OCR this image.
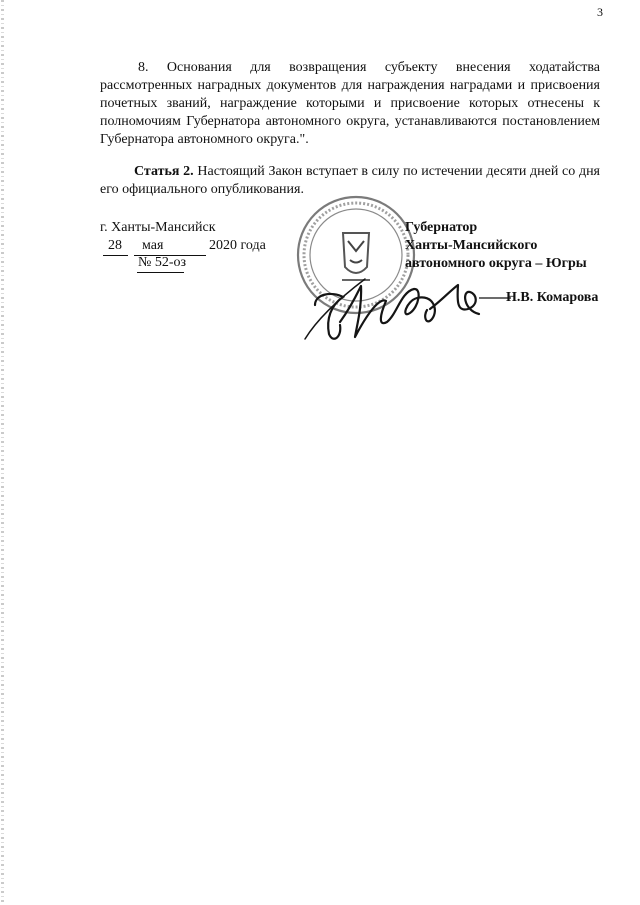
3

8. Основания для возвращения субъекту внесения ходатайства рассмотренных наградных документов для награждения наградами и присвоения почетных званий, награждение которыми и присвоение которых отнесены к полномочиям Губернатора автономного округа, устанавливаются постановлением Губернатора автономного округа.".

Статья 2. Настоящий Закон вступает в силу по истечении десяти дней со дня его официального опубликования.

г. Ханты-Мансийск
28 мая	2020 года
№ 52-оз
Губернатор
Ханты-Мансийского
автономного округа – Югры
Н.В. Комарова
